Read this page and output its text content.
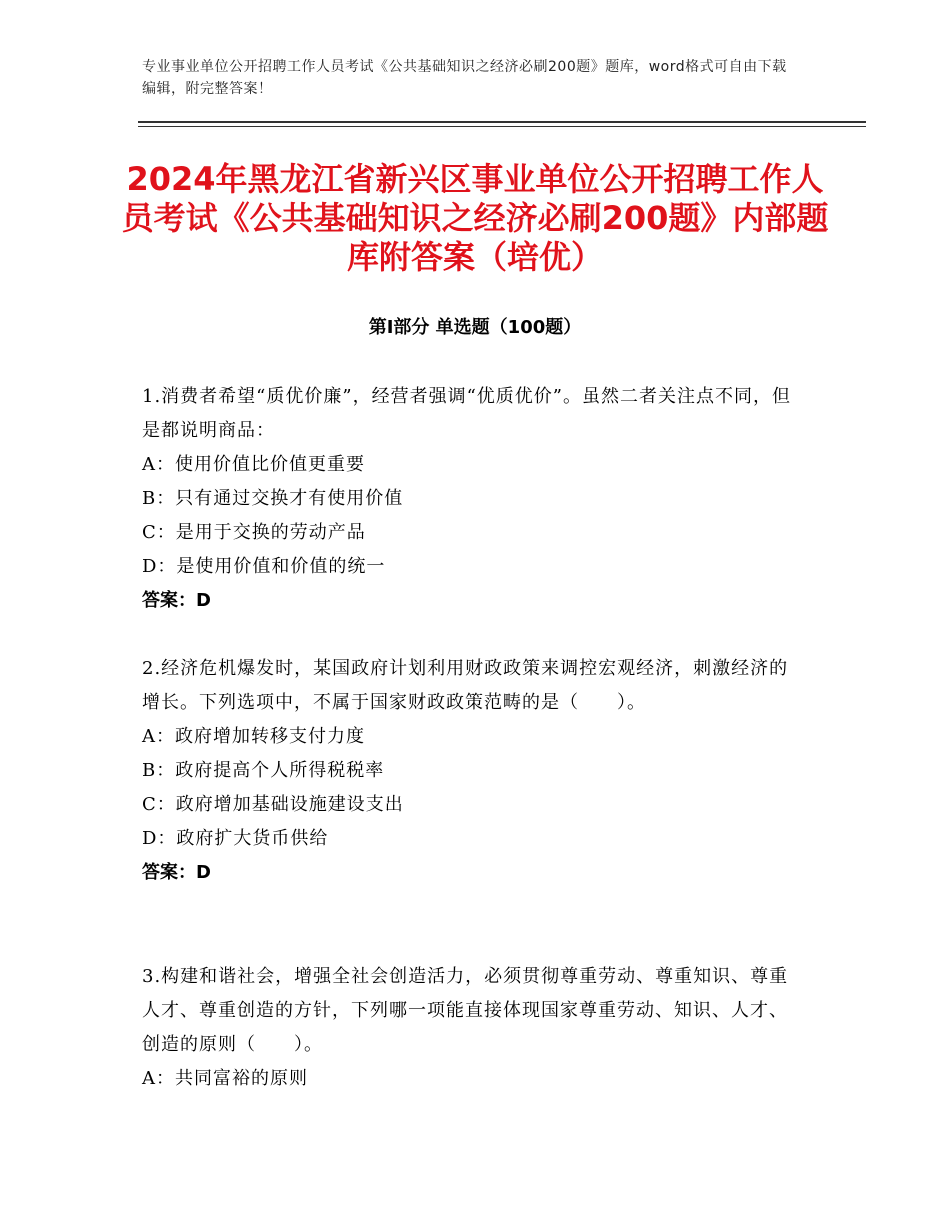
专业事业单位公开招聘工作人员考试《公共基础知识之经济必刷200题》题库，word格式可自由下载编辑，附完整答案！
2024年黑龙江省新兴区事业单位公开招聘工作人员考试《公共基础知识之经济必刷200题》内部题库附答案（培优）
第Ⅰ部分 单选题（100题）
1.消费者希望“质优价廉”，经营者强调“优质优价”。虽然二者关注点不同，但是都说明商品：
A：使用价值比价值更重要
B：只有通过交换才有使用价值
C：是用于交换的劳动产品
D：是使用价值和价值的统一
答案：D
2.经济危机爆发时，某国政府计划利用财政政策来调控宏观经济，刺激经济的增长。下列选项中，不属于国家财政政策范畴的是（　　）。
A：政府增加转移支付力度
B：政府提高个人所得税税率
C：政府增加基础设施建设支出
D：政府扩大货币供给
答案：D
3.构建和谐社会，增强全社会创造活力，必须贯彻尊重劳动、尊重知识、尊重人才、尊重创造的方针，下列哪一项能直接体现国家尊重劳动、知识、人才、创造的原则（　　）。
A：共同富裕的原则
